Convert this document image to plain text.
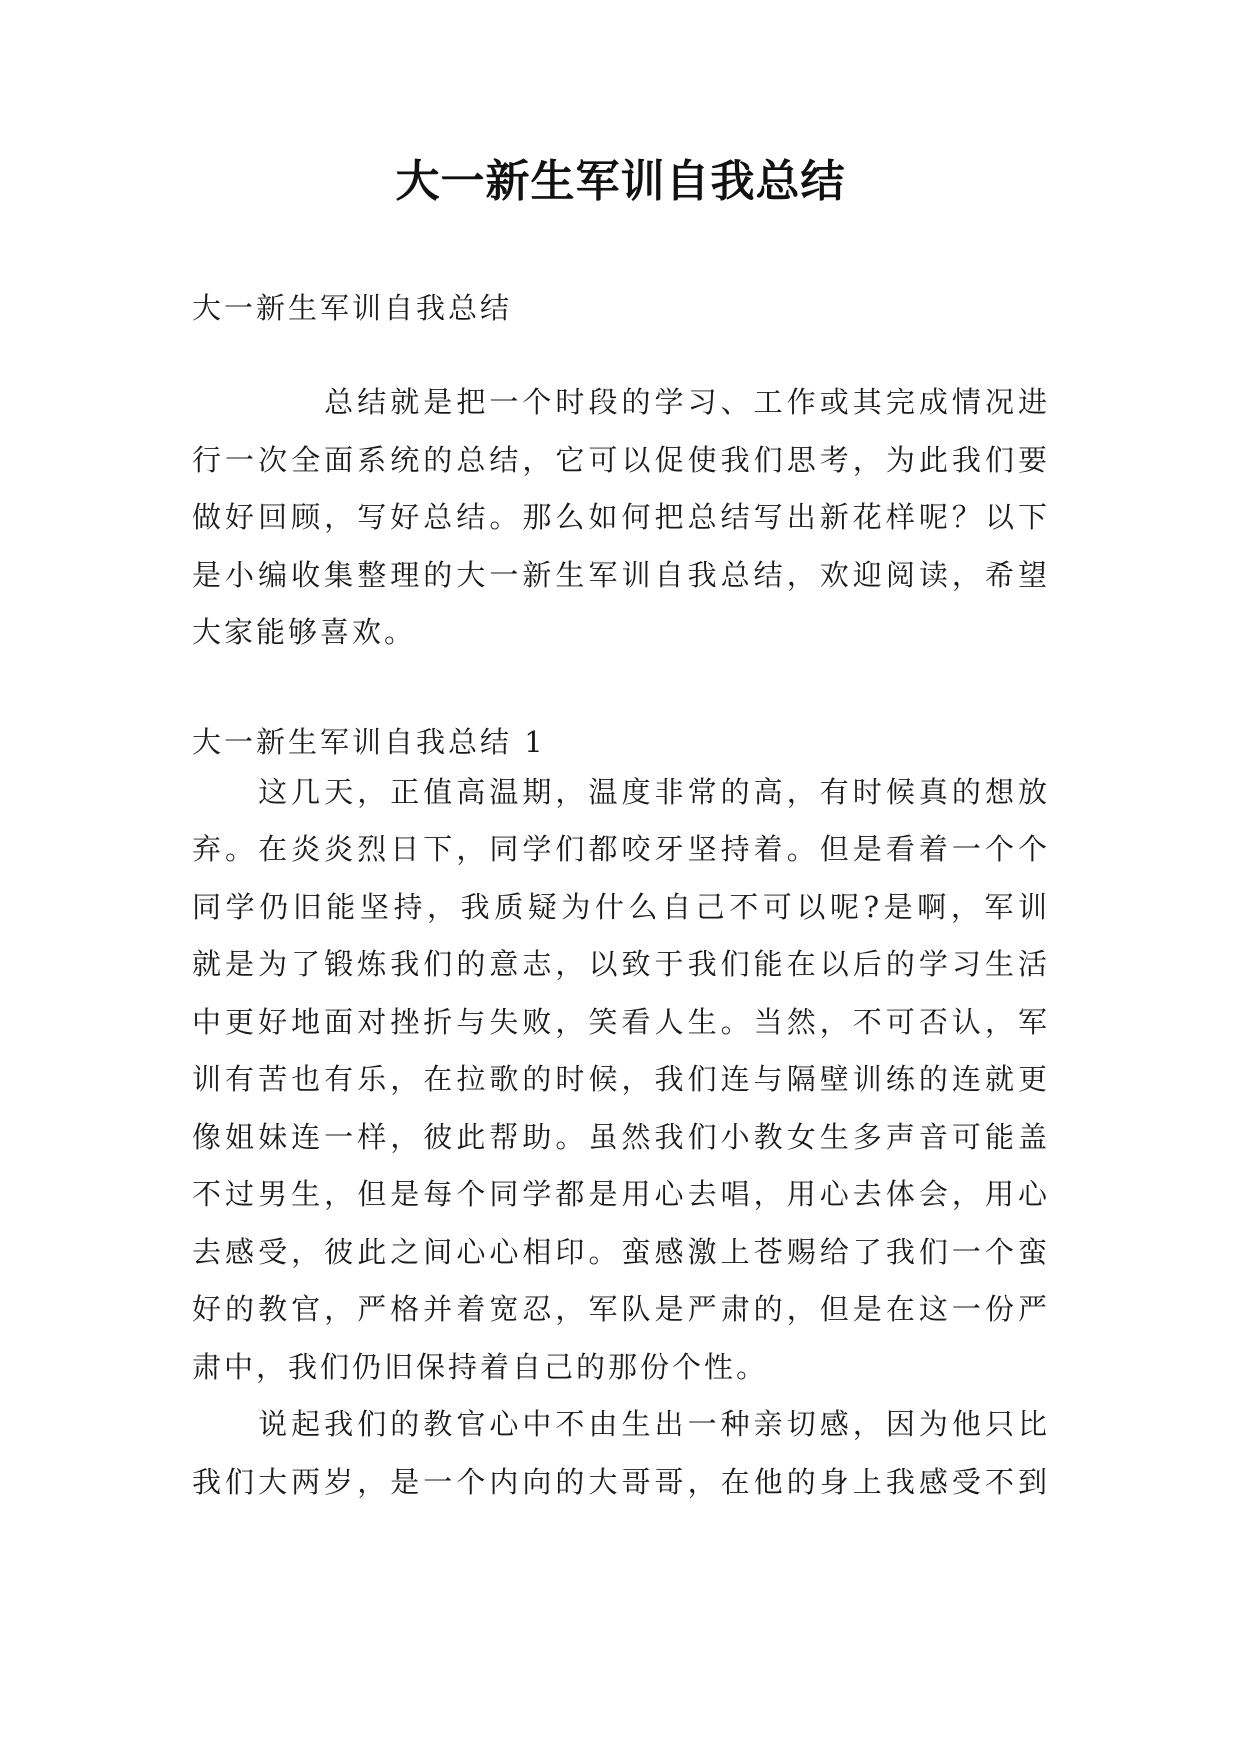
大一新生军训自我总结

大一新生军训自我总结

　　　　总结就是把一个时段的学习、工作或其完成情况进
行一次全面系统的总结，它可以促使我们思考，为此我们要
做好回顾，写好总结。那么如何把总结写出新花样呢？以下
是小编收集整理的大一新生军训自我总结，欢迎阅读，希望
大家能够喜欢。

大一新生军训自我总结 1

　　这几天，正值高温期，温度非常的高，有时候真的想放
弃。在炎炎烈日下，同学们都咬牙坚持着。但是看着一个个
同学仍旧能坚持，我质疑为什么自己不可以呢?是啊，军训
就是为了锻炼我们的意志，以致于我们能在以后的学习生活
中更好地面对挫折与失败，笑看人生。当然，不可否认，军
训有苦也有乐，在拉歌的时候，我们连与隔壁训练的连就更
像姐妹连一样，彼此帮助。虽然我们小教女生多声音可能盖
不过男生，但是每个同学都是用心去唱，用心去体会，用心
去感受，彼此之间心心相印。蛮感激上苍赐给了我们一个蛮
好的教官，严格并着宽忍，军队是严肃的，但是在这一份严
肃中，我们仍旧保持着自己的那份个性。

　　说起我们的教官心中不由生出一种亲切感，因为他只比
我们大两岁，是一个内向的大哥哥，在他的身上我感受不到
